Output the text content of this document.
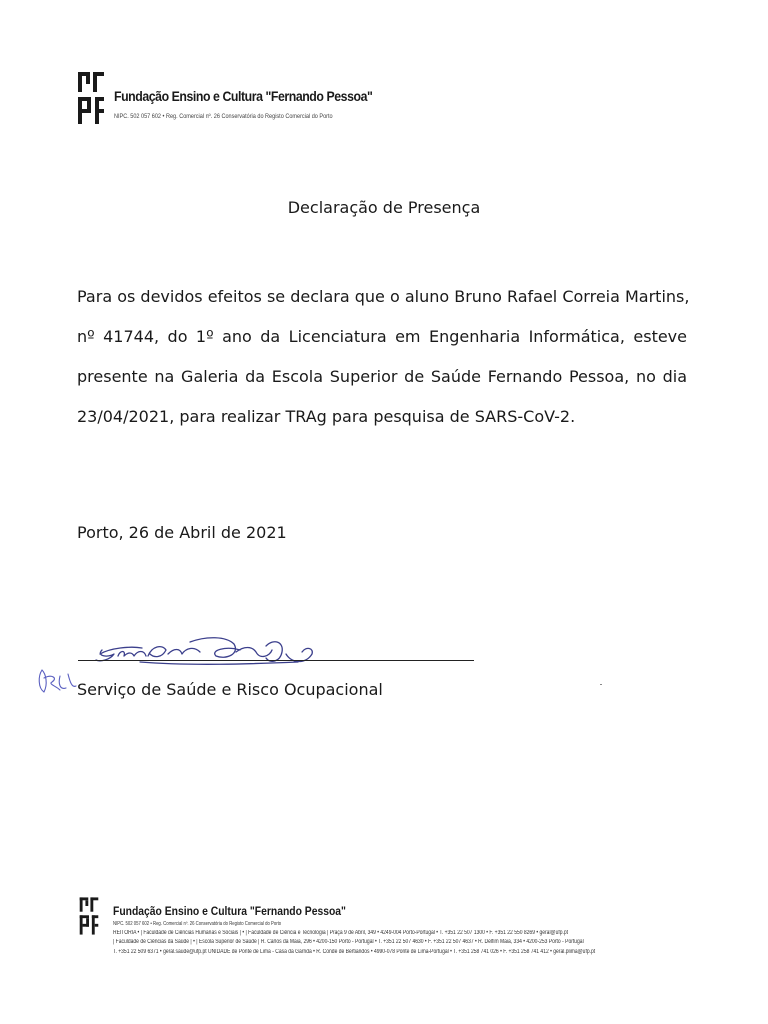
Fundação Ensino e Cultura "Fernando Pessoa"
NIPC. 502 057 602 • Reg. Comercial nº. 26 Conservatória do Registo Comercial do Porto
Declaração de Presença
Para os devidos efeitos se declara que o aluno Bruno Rafael Correia Martins,
nº 41744, do 1º ano da Licenciatura em Engenharia Informática, esteve
presente na Galeria da Escola Superior de Saúde Fernando Pessoa, no dia
23/04/2021, para realizar TRAg para pesquisa de SARS-CoV-2.
Porto, 26 de Abril de 2021
Serviço de Saúde e Risco Ocupacional
Fundação Ensino e Cultura "Fernando Pessoa"
NIPC. 502 057 602 • Reg. Comercial nº. 26 Conservatória do Registo Comercial do Porto
REITORIA • | Faculdade de Ciências Humanas e Sociais | • | Faculdade de Ciência e Tecnologia | Praça 9 de Abril, 349 • 4249-004 Porto-Portugal • T. +351 22 507 1300 • F. +351 22 550 8269 • geral@ufp.pt
| Faculdade de Ciências da Saúde | • | Escola Superior de Saúde | R. Carlos da Maia, 296 • 4200-150 Porto - Portugal • T. +351 22 507 4630 • F. +351 22 507 4637 • R. Delfim Maia, 334 • 4200-253 Porto - Portugal
T. +351 22 509 6371 • geral.saude@ufp.pt UNIDADE de Ponte de Lima - Casa da Garrida • R. Conde de Bertiandos • 4990-078 Ponte de Lima-Portugal • T. +351 258 741 026 • F. +351 258 741 412 • geral.plima@ufp.pt
